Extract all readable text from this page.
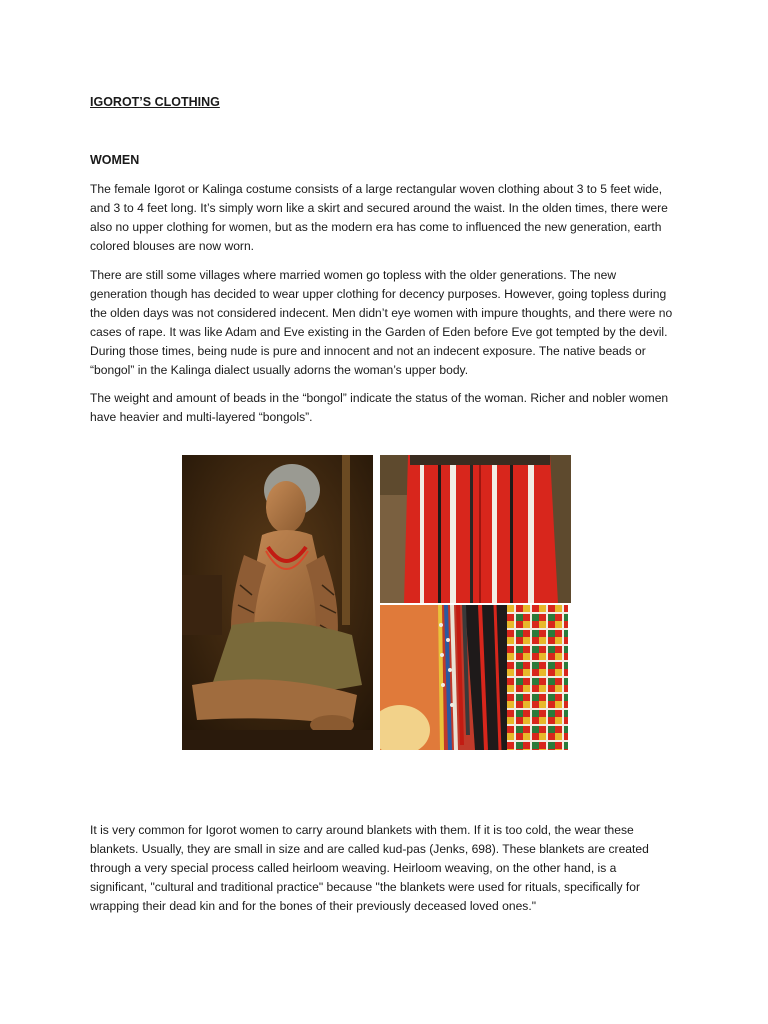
IGOROT’S CLOTHING

WOMEN

The female Igorot or Kalinga costume consists of a large rectangular woven clothing about 3 to 5 feet wide, and 3 to 4 feet long. It’s simply worn like a skirt and secured around the waist. In the olden times, there were also no upper clothing for women, but as the modern era has come to influenced the new generation, earth colored blouses are now worn.

There are still some villages where married women go topless with the older generations. The new generation though has decided to wear upper clothing for decency purposes. However, going topless during the olden days was not considered indecent. Men didn’t eye women with impure thoughts, and there were no cases of rape. It was like Adam and Eve existing in the Garden of Eden before Eve got tempted by the devil. During those times, being nude is pure and innocent and not an indecent exposure. The native beads or “bongol” in the Kalinga dialect usually adorns the woman’s upper body.

The weight and amount of beads in the “bongol” indicate the status of the woman. Richer and nobler women have heavier and multi-layered “bongols”.

It is very common for Igorot women to carry around blankets with them. If it is too cold, the wear these blankets. Usually, they are small in size and are called kud-pas (Jenks, 698). These blankets are created through a very special process called heirloom weaving. Heirloom weaving, on the other hand, is a significant, "cultural and traditional practice" because "the blankets were used for rituals, specifically for wrapping their dead kin and for the bones of their previously deceased loved ones."
